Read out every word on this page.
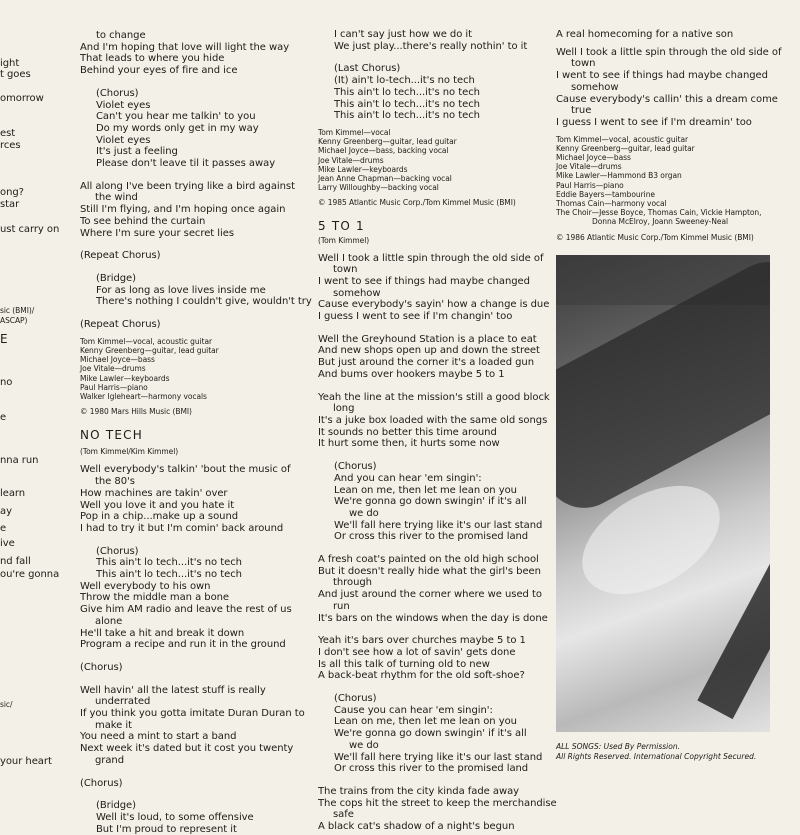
ight
t goes
omorrow
est
rces
ong?
star
ust carry on
sic (BMI)/
ASCAP)
E
no
e
nna run
learn
ay
e
ive
nd fall
ou're gonna
sic/
your heart
to change
And I'm hoping that love will light the way
That leads to where you hide
Behind your eyes of fire and ice
(Chorus)
Violet eyes
Can't you hear me talkin' to you
Do my words only get in my way
Violet eyes
It's just a feeling
Please don't leave til it passes away
All along I've been trying like a bird against
the wind
Still I'm flying, and I'm hoping once again
To see behind the curtain
Where I'm sure your secret lies
(Repeat Chorus)
(Bridge)
For as long as love lives inside me
There's nothing I couldn't give, wouldn't try
(Repeat Chorus)
Tom Kimmel—vocal, acoustic guitar
Kenny Greenberg—guitar, lead guitar
Michael Joyce—bass
Joe Vitale—drums
Mike Lawler—keyboards
Paul Harris—piano
Walker Igleheart—harmony vocals
© 1980 Mars Hills Music (BMI)
NO TECH
(Tom Kimmel/Kim Kimmel)
Well everybody's talkin' 'bout the music of
the 80's
How machines are takin' over
Well you love it and you hate it
Pop in a chip...make up a sound
I had to try it but I'm comin' back around
(Chorus)
This ain't lo tech...it's no tech
This ain't lo tech...it's no tech
Well everybody to his own
Throw the middle man a bone
Give him AM radio and leave the rest of us
alone
He'll take a hit and break it down
Program a recipe and run it in the ground
(Chorus)
Well havin' all the latest stuff is really
underrated
If you think you gotta imitate Duran Duran to
make it
You need a mint to start a band
Next week it's dated but it cost you twenty
grand
(Chorus)
(Bridge)
Well it's loud, to some offensive
But I'm proud to represent it
I can't say just how we do it
We just play...there's really nothin' to it
(Last Chorus)
(It) ain't lo-tech...it's no tech
This ain't lo tech...it's no tech
This ain't lo tech...it's no tech
This ain't lo tech...it's no tech
Tom Kimmel—vocal
Kenny Greenberg—guitar, lead guitar
Michael Joyce—bass, backing vocal
Joe Vitale—drums
Mike Lawler—keyboards
Jean Anne Chapman—backing vocal
Larry Willoughby—backing vocal
© 1985 Atlantic Music Corp./Tom Kimmel Music (BMI)
5 TO 1
(Tom Kimmel)
Well I took a little spin through the old side of
town
I went to see if things had maybe changed
somehow
Cause everybody's sayin' how a change is due
I guess I went to see if I'm changin' too
Well the Greyhound Station is a place to eat
And new shops open up and down the street
But just around the corner it's a loaded gun
And bums over hookers maybe 5 to 1
Yeah the line at the mission's still a good block
long
It's a juke box loaded with the same old songs
It sounds no better this time around
It hurt some then, it hurts some now
(Chorus)
And you can hear 'em singin':
Lean on me, then let me lean on you
We're gonna go down swingin' if it's all
we do
We'll fall here trying like it's our last stand
Or cross this river to the promised land
A fresh coat's painted on the old high school
But it doesn't really hide what the girl's been
through
And just around the corner where we used to
run
It's bars on the windows when the day is done
Yeah it's bars over churches maybe 5 to 1
I don't see how a lot of savin' gets done
Is all this talk of turning old to new
A back-beat rhythm for the old soft-shoe?
(Chorus)
Cause you can hear 'em singin':
Lean on me, then let me lean on you
We're gonna go down swingin' if it's all
we do
We'll fall here trying like it's our last stand
Or cross this river to the promised land
The trains from the city kinda fade away
The cops hit the street to keep the merchandise
safe
A black cat's shadow of a night's begun
A real homecoming for a native son
Well I took a little spin through the old side of
town
I went to see if things had maybe changed
somehow
Cause everybody's callin' this a dream come
true
I guess I went to see if I'm dreamin' too
Tom Kimmel—vocal, acoustic guitar
Kenny Greenberg—guitar, lead guitar
Michael Joyce—bass
Joe Vitale—drums
Mike Lawler—Hammond B3 organ
Paul Harris—piano
Eddie Bayers—tambourine
Thomas Cain—harmony vocal
The Choir—Jesse Boyce, Thomas Cain, Vickie Hampton,
Donna McElroy, Joann Sweeney-Neal
© 1986 Atlantic Music Corp./Tom Kimmel Music (BMI)
ALL SONGS: Used By Permission.
All Rights Reserved. International Copyright Secured.
